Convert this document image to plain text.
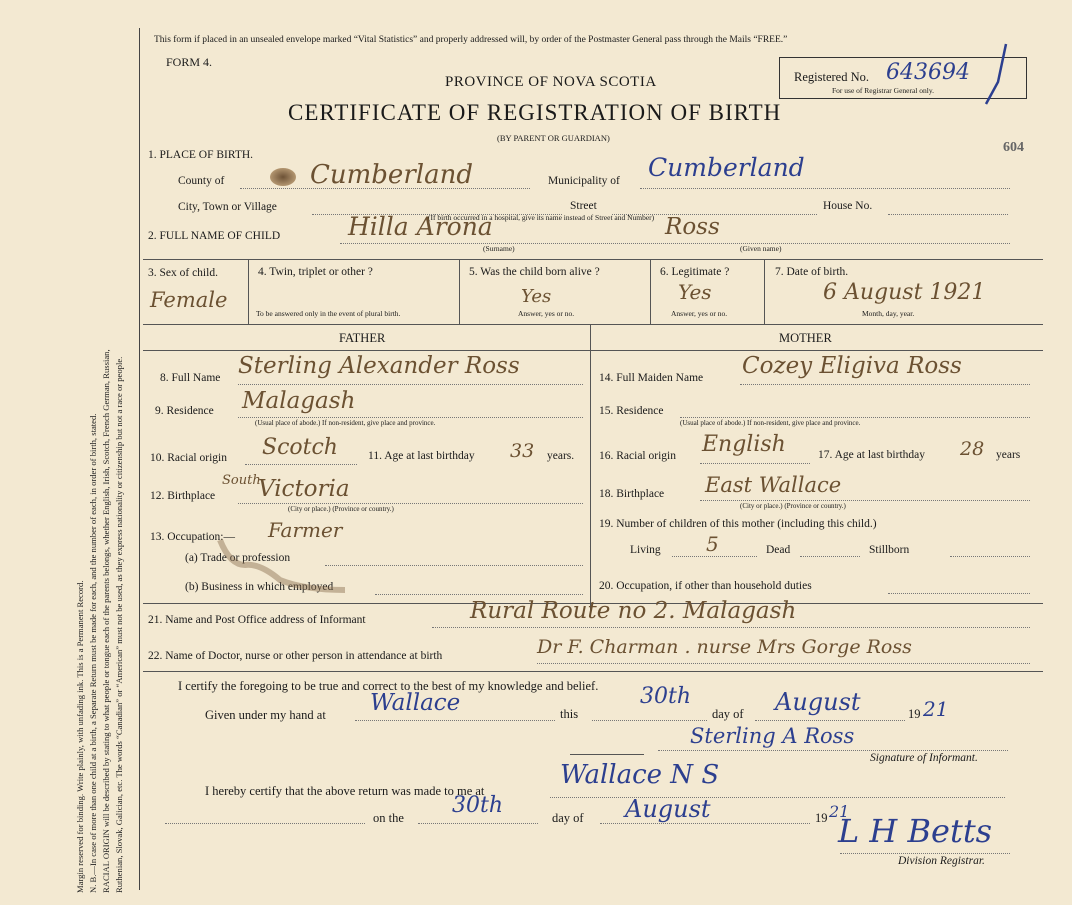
Margin reserved for binding. Write plainly, with unfading ink. This is a Permanent Record. N. B.—In case of more than one child at a birth, a Separate Return must be made for each, and the number of each, in order of birth, stated. RACIAL ORIGIN will be described by stating to what people or tongue each of the parents belongs, whether English, Irish, Scotch, French German, Russian, Ruthenian, Slovak, Galician, etc. The words “Canadian” or “American” must not be used, as they express nationality or citizenship but not a race or people.
This form if placed in an unsealed envelope marked “Vital Statistics” and properly addressed will, by order of the Postmaster General pass through the Mails “FREE.”
FORM 4.
PROVINCE OF NOVA SCOTIA
CERTIFICATE OF REGISTRATION OF BIRTH
(BY PARENT OR GUARDIAN)
Registered No. 643694
For use of Registrar General only.
604
1. PLACE OF BIRTH.
County of	Cumberland	Municipality of Cumberland
City, Town or Village	Street	House No.
2. FULL NAME OF CHILD
(If birth occurred in a hospital, give its name instead of Street and Number)
Hilla Arona	Ross
(Surname)	(Given name)
3. Sex of child.
Female
4. Twin, triplet or other ?
To be answered only in the event of plural birth.
5. Was the child born alive ?
Yes
Answer, yes or no.
6. Legitimate ?
Yes
Answer, yes or no.
7. Date of birth.
6 August 1921
Month, day, year.
FATHER	MOTHER
8. Full Name Sterling Alexander Ross
9. Residence Malagash
(Usual place of abode.) If non-resident, give place and province.
10. Racial origin Scotch	11. Age at last birthday 33 years.
12. Birthplace
South
Victoria
(City or place.) (Province or country.)
13. Occupation:— Farmer
(a) Trade or profession
(b) Business in which employed
14. Full Maiden Name Cozey Eligiva Ross
15. Residence
(Usual place of abode.) If non-resident, give place and province.
16. Racial origin English	17. Age at last birthday 28 years
18. Birthplace East Wallace
(City or place.) (Province or country.)
19. Number of children of this mother (including this child.)
Living 5	Dead	Stillborn
20. Occupation, if other than household duties
21. Name and Post Office address of Informant	Rural Route no 2. Malagash
22. Name of Doctor, nurse or other person in attendance at birth	Dr F. Charman . nurse Mrs Gorge Ross
I certify the foregoing to be true and correct to the best of my knowledge and belief.
Given under my hand at Wallace	this
30th
day of August	19 21
Sterling A Ross
Signature of Informant.
I hereby certify that the above return was made to me at
Wallace N S
on the 30th	day of August	19 21
L H Betts
Division Registrar.
